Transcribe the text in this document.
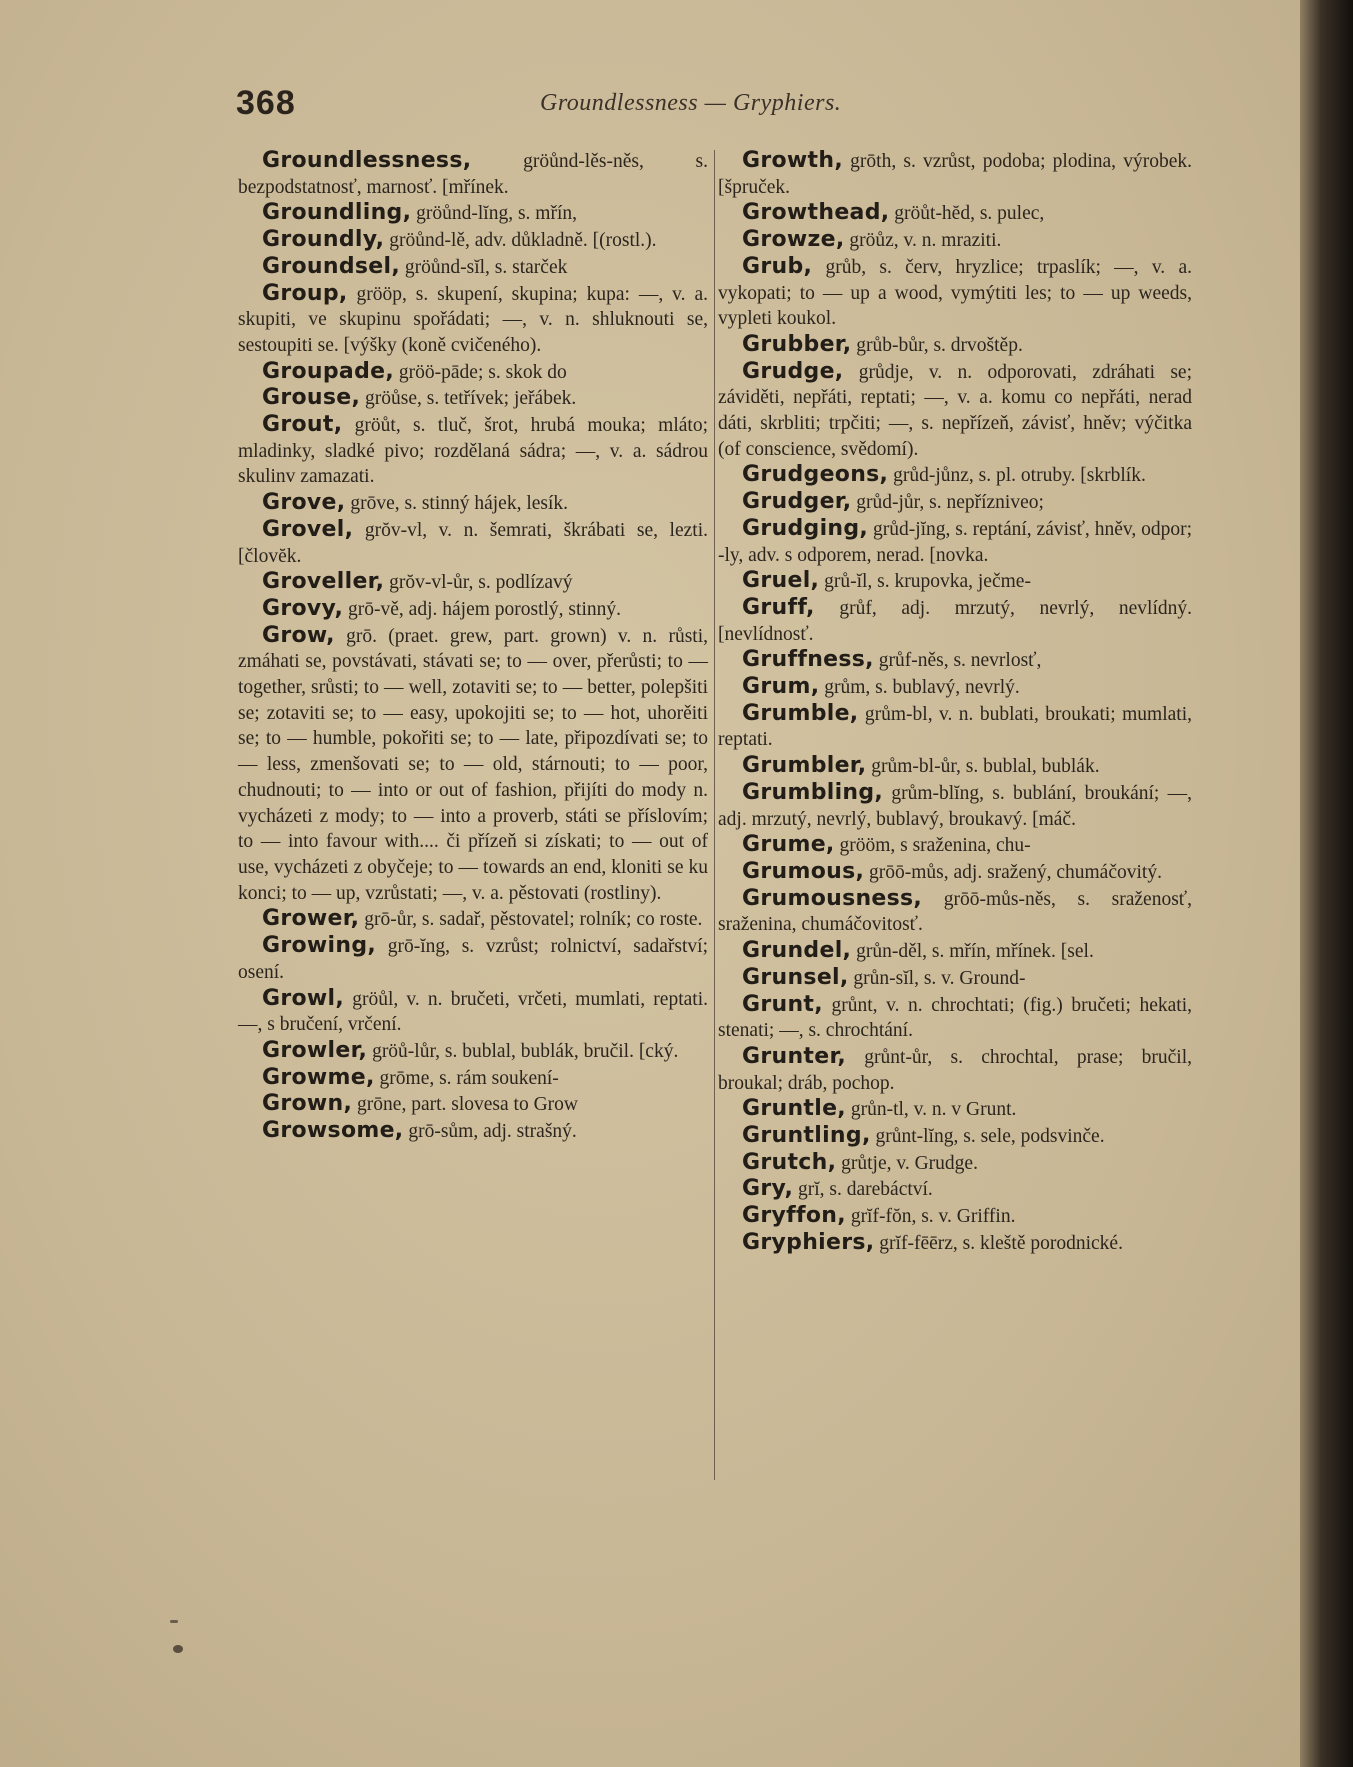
368	Groundlessness — Gryphiers.
Groundlessness, gröůnd-lěs-něs, s. bezpodstatnosť, marnosť. [mřínek.
Groundling, gröůnd-lĭng, s. mřín,
Groundly, gröůnd-lě, adv. důkladně. [(rostl.).
Groundsel, gröůnd-sĭl, s. starček
Group, grööp, s. skupení, skupina; kupa: —, v. a. skupiti, ve skupinu spořádati; —, v. n. shluknouti se, sestoupiti se. [výšky (koně cvičeného).
Groupade, gröö-pāde; s. skok do
Grouse, gröůse, s. tetřívek; jeřábek.
Grout, gröůt, s. tluč, šrot, hrubá mouka; mláto; mladinky, sladké pivo; rozdělaná sádra; —, v. a. sádrou skulinv zamazati.
Grove, grōve, s. stinný hájek, lesík.
Grovel, grŏv-vl, v. n. šemrati, škrábati se, lezti. [človĕk.
Groveller, grŏv-vl-ůr, s. podlízavý
Grovy, grō-vě, adj. hájem porostlý, stinný.
Grow, grō. (praet. grew, part. grown) v. n. růsti, zmáhati se, povstávati, stávati se; to — over, přerůsti; to — together, srůsti; to — well, zotaviti se; to — better, polepšiti se; zotaviti se; to — easy, upokojiti se; to — hot, uhorěiti se; to — humble, pokořiti se; to — late, připozdívati se; to — less, zmenšovati se; to — old, stárnouti; to — poor, chudnouti; to — into or out of fashion, přijíti do mody n. vycházeti z mody; to — into a proverb, státi se příslovím; to — into favour with.... či přízeň si získati; to — out of use, vycházeti z obyčeje; to — towards an end, kloniti se ku konci; to — up, vzrůstati; —, v. a. pěstovati (rostliny).
Grower, grō-ůr, s. sadař, pěstovatel; rolník; co roste.
Growing, grō-ĭng, s. vzrůst; rolnictví, sadařství; osení.
Growl, gröůl, v. n. bručeti, vrčeti, mumlati, reptati. —, s bručení, vrčení.
Growler, gröů-lůr, s. bublal, bublák, bručil. [cký.
Growme, grōme, s. rám soukení-
Grown, grōne, part. slovesa to Grow
Growsome, grō-sům, adj. strašný.
Growth, grōth, s. vzrůst, podoba; plodina, výrobek. [špruček.
Growthead, gröůt-hĕd, s. pulec,
Growze, gröůz, v. n. mraziti.
Grub, grůb, s. červ, hryzlice; trpaslík; —, v. a. vykopati; to — up a wood, vymýtiti les; to — up weeds, vypleti koukol.
Grubber, grůb-bůr, s. drvoštěp.
Grudge, grůdje, v. n. odporovati, zdráhati se; záviděti, nepřáti, reptati; —, v. a. komu co nepřáti, nerad dáti, skrbliti; trpčiti; —, s. nepřízeň, závisť, hněv; výčitka (of conscience, svědomí).
Grudgeons, grůd-jůnz, s. pl. otruby. [skrblík.
Grudger, grůd-jůr, s. nepřízniveo;
Grudging, grůd-jĭng, s. reptání, závisť, hněv, odpor; -ly, adv. s odporem, nerad. [novka.
Gruel, grů-ĭl, s. krupovka, ječme-
Gruff, grůf, adj. mrzutý, nevrlý, nevlídný. [nevlídnosť.
Gruffness, grůf-něs, s. nevrlosť,
Grum, grům, s. bublavý, nevrlý.
Grumble, grům-bl, v. n. bublati, broukati; mumlati, reptati.
Grumbler, grům-bl-ůr, s. bublal, bublák.
Grumbling, grům-blĭng, s. bublání, broukání; —, adj. mrzutý, nevrlý, bublavý, broukavý. [máč.
Grume, grööm, s sraženina, chu-
Grumous, grōō-můs, adj. sražený, chumáčovitý.
Grumousness, grōō-můs-něs, s. sraženosť, sraženina, chumáčovitosť.
Grundel, grůn-děl, s. mřín, mřínek. [sel.
Grunsel, grůn-sĭl, s. v. Ground-
Grunt, grůnt, v. n. chrochtati; (fig.) bručeti; hekati, stenati; —, s. chrochtání.
Grunter, grůnt-ůr, s. chrochtal, prase; bručil, broukal; dráb, pochop.
Gruntle, grůn-tl, v. n. v Grunt.
Gruntling, grůnt-lĭng, s. sele, podsvinče.
Grutch, grůtje, v. Grudge.
Gry, grĭ, s. darebáctví.
Gryffon, grĭf-fŏn, s. v. Griffin.
Gryphiers, grĭf-fēērz, s. kleště porodnické.
